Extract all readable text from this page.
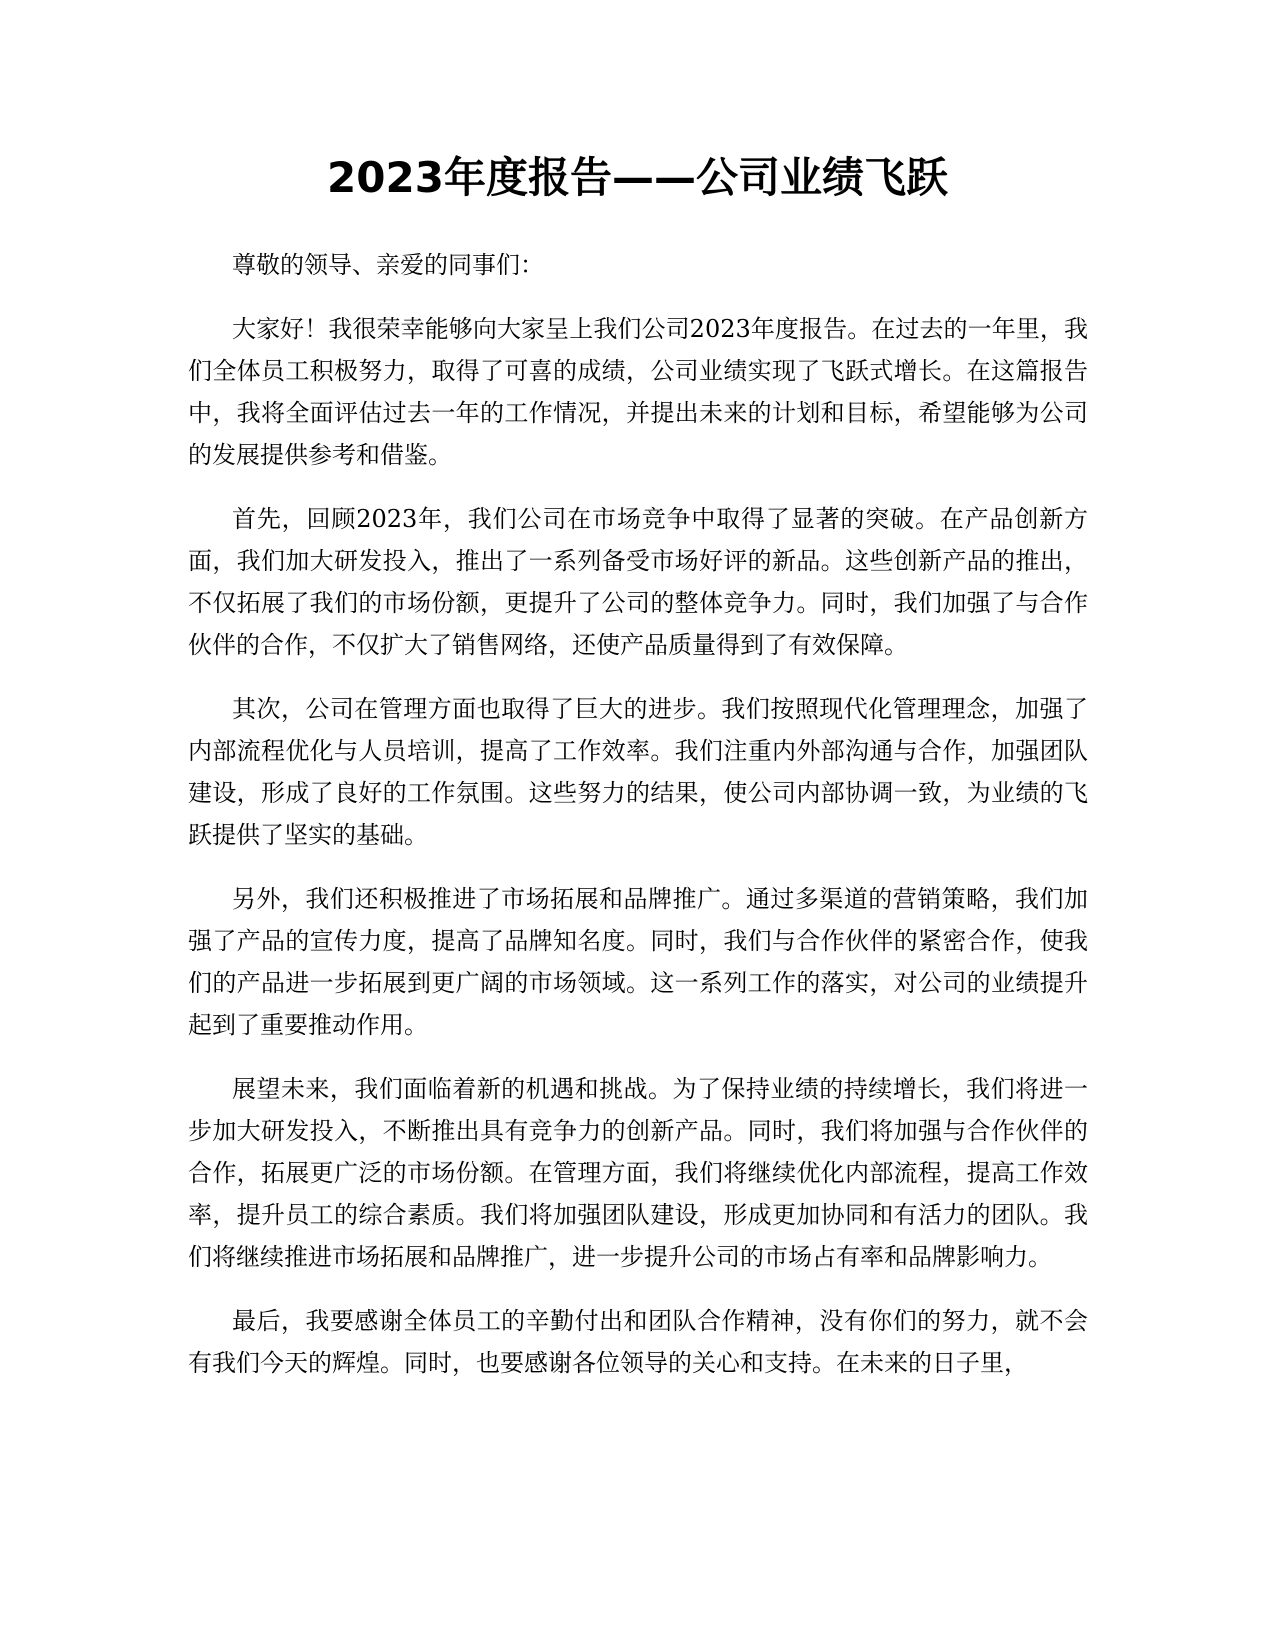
2023年度报告——公司业绩飞跃

尊敬的领导、亲爱的同事们：

大家好！我很荣幸能够向大家呈上我们公司2023年度报告。在过去的一年里，我们全体员工积极努力，取得了可喜的成绩，公司业绩实现了飞跃式增长。在这篇报告中，我将全面评估过去一年的工作情况，并提出未来的计划和目标，希望能够为公司的发展提供参考和借鉴。

首先，回顾2023年，我们公司在市场竞争中取得了显著的突破。在产品创新方面，我们加大研发投入，推出了一系列备受市场好评的新品。这些创新产品的推出，不仅拓展了我们的市场份额，更提升了公司的整体竞争力。同时，我们加强了与合作伙伴的合作，不仅扩大了销售网络，还使产品质量得到了有效保障。

其次，公司在管理方面也取得了巨大的进步。我们按照现代化管理理念，加强了内部流程优化与人员培训，提高了工作效率。我们注重内外部沟通与合作，加强团队建设，形成了良好的工作氛围。这些努力的结果，使公司内部协调一致，为业绩的飞跃提供了坚实的基础。

另外，我们还积极推进了市场拓展和品牌推广。通过多渠道的营销策略，我们加强了产品的宣传力度，提高了品牌知名度。同时，我们与合作伙伴的紧密合作，使我们的产品进一步拓展到更广阔的市场领域。这一系列工作的落实，对公司的业绩提升起到了重要推动作用。

展望未来，我们面临着新的机遇和挑战。为了保持业绩的持续增长，我们将进一步加大研发投入，不断推出具有竞争力的创新产品。同时，我们将加强与合作伙伴的合作，拓展更广泛的市场份额。在管理方面，我们将继续优化内部流程，提高工作效率，提升员工的综合素质。我们将加强团队建设，形成更加协同和有活力的团队。我们将继续推进市场拓展和品牌推广，进一步提升公司的市场占有率和品牌影响力。

最后，我要感谢全体员工的辛勤付出和团队合作精神，没有你们的努力，就不会有我们今天的辉煌。同时，也要感谢各位领导的关心和支持。在未来的日子里，
